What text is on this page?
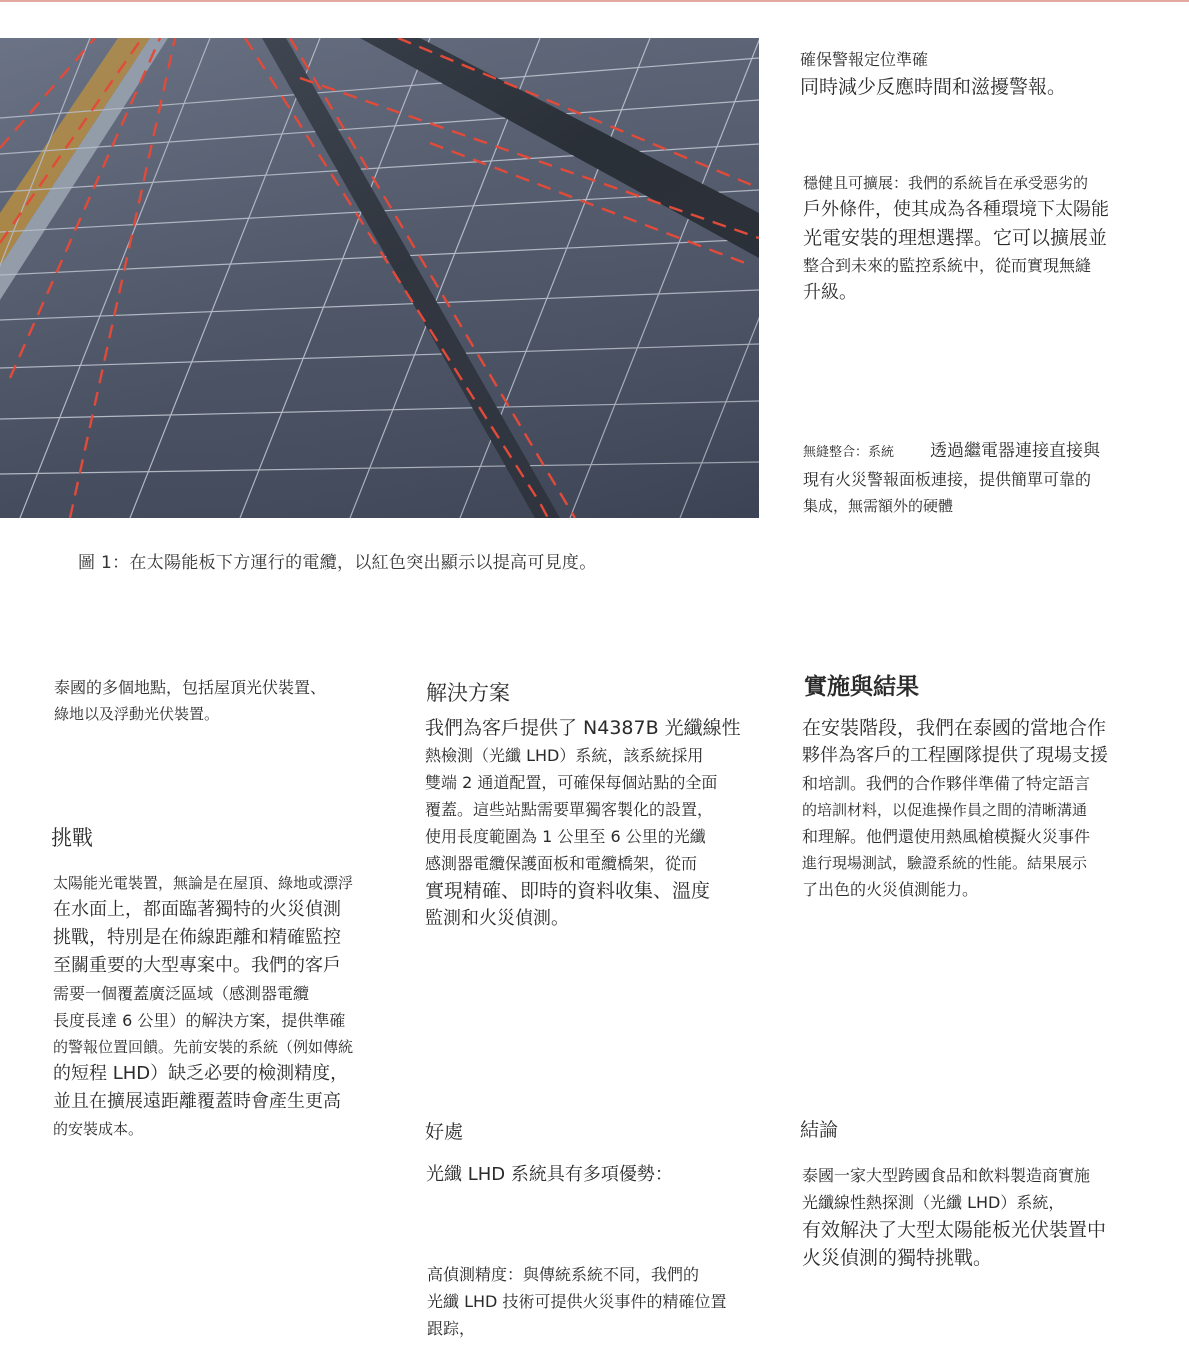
圖 1：在太陽能板下方運行的電纜，以紅色突出顯示以提高可見度。

確保警報定位準確

同時減少反應時間和滋擾警報。

穩健且可擴展：我們的系統旨在承受惡劣的

戶外條件，使其成為各種環境下太陽能

光電安裝的理想選擇。它可以擴展並

整合到未來的監控系統中，從而實現無縫

升級。

無縫整合：系統 透過繼電器連接直接與

現有火災警報面板連接，提供簡單可靠的

集成，無需額外的硬體

泰國的多個地點，包括屋頂光伏裝置、

綠地以及浮動光伏裝置。

挑戰

太陽能光電裝置，無論是在屋頂、綠地或漂浮

在水面上，都面臨著獨特的火災偵測

挑戰，特別是在佈線距離和精確監控

至關重要的大型專案中。我們的客戶

需要一個覆蓋廣泛區域（感測器電纜

長度長達 6 公里）的解決方案，提供準確

的警報位置回饋。先前安裝的系統（例如傳統

的短程 LHD）缺乏必要的檢測精度，

並且在擴展遠距離覆蓋時會產生更高

的安裝成本。

解決方案

我們為客戶提供了 N4387B 光纖線性

熱檢測（光纖 LHD）系統，該系統採用

雙端 2 通道配置，可確保每個站點的全面

覆蓋。這些站點需要單獨客製化的設置，

使用長度範圍為 1 公里至 6 公里的光纖

感測器電纜保護面板和電纜橋架，從而

實現精確、即時的資料收集、溫度

監測和火災偵測。

好處
光纖 LHD 系統具有多項優勢：

高偵測精度：與傳統系統不同，我們的

光纖 LHD 技術可提供火災事件的精確位置

跟踪，

實施與結果

在安裝階段，我們在泰國的當地合作

夥伴為客戶的工程團隊提供了現場支援

和培訓。我們的合作夥伴準備了特定語言

的培訓材料，以促進操作員之間的清晰溝通

和理解。他們還使用熱風槍模擬火災事件

進行現場測試，驗證系統的性能。結果展示

了出色的火災偵測能力。

結論

泰國一家大型跨國食品和飲料製造商實施

光纖線性熱探測（光纖 LHD）系統，

有效解決了大型太陽能板光伏裝置中

火災偵測的獨特挑戰。
